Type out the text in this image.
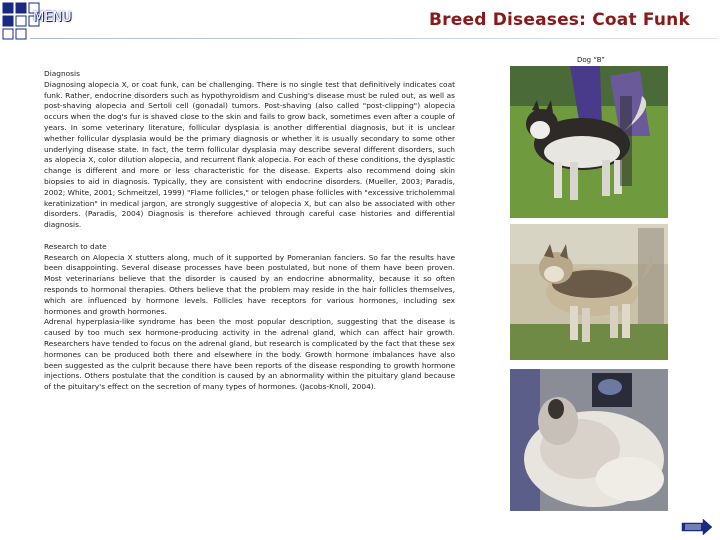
MENU	Breed Diseases: Coat Funk

Diagnosis

Diagnosing alopecia X, or coat funk, can be challenging. There is no single test that definitively indicates coat funk. Rather, endocrine disorders such as hypothyroidism and Cushing's disease must be ruled out, as well as post-shaving alopecia and Sertoli cell (gonadal) tumors. Post-shaving (also called "post-clipping") alopecia occurs when the dog's fur is shaved close to the skin and fails to grow back, sometimes even after a couple of years. In some veterinary literature, follicular dysplasia is another differential diagnosis, but it is unclear whether follicular dysplasia would be the primary diagnosis or whether it is usually secondary to some other underlying disease state. In fact, the term follicular dysplasia may describe several different disorders, such as alopecia X, color dilution alopecia, and recurrent flank alopecia. For each of these conditions, the dysplastic change is different and more or less characteristic for the disease. Experts also recommend doing skin biopsies to aid in diagnosis. Typically, they are consistent with endocrine disorders. (Mueller, 2003; Paradis, 2002; White, 2001; Schmeitzel, 1999) "Flame follicles," or telogen phase follicles with "excessive tricholemmal keratinization" in medical jargon, are strongly suggestive of alopecia X, but can also be associated with other disorders. (Paradis, 2004) Diagnosis is therefore achieved through careful case histories and differential diagnosis.

Research to date

Research on Alopecia X stutters along, much of it supported by Pomeranian fanciers. So far the results have been disappointing. Several disease processes have been postulated, but none of them have been proven. Most veterinarians believe that the disorder is caused by an endocrine abnormality, because it so often responds to hormonal therapies. Others believe that the problem may reside in the hair follicles themselves, which are influenced by hormone levels. Follicles have receptors for various hormones, including sex hormones and growth hormones.

Adrenal hyperplasia-like syndrome has been the most popular description, suggesting that the disease is caused by too much sex hormone-producing activity in the adrenal gland, which can affect hair growth. Researchers have tended to focus on the adrenal gland, but research is complicated by the fact that these sex hormones can be produced both there and elsewhere in the body. Growth hormone imbalances have also been suggested as the culprit because there have been reports of the disease responding to growth hormone injections. Others postulate that the condition is caused by an abnormality within the pituitary gland because of the pituitary's effect on the secretion of many types of hormones. (Jacobs-Knoll, 2004).

Dog “B”
